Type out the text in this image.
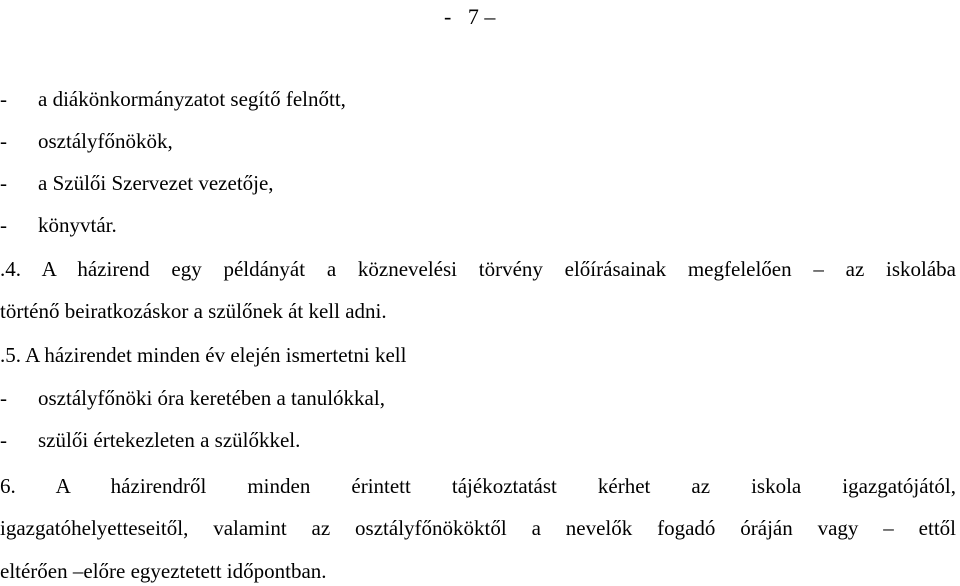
-   7 –
- a diákönkormányzatot segítő felnőtt,
- osztályfőnökök,
- a Szülői Szervezet vezetője,
- könyvtár.
.4. A házirend egy példányát a köznevelési törvény előírásainak megfelelően – az iskolába
történő beiratkozáskor a szülőnek át kell adni.
.5. A házirendet minden év elején ismertetni kell
- osztályfőnöki óra keretében a tanulókkal,
- szülői értekezleten a szülőkkel.
6. A házirendről minden érintett tájékoztatást kérhet az iskola igazgatójától,
igazgatóhelyetteseitől, valamint az osztályfőnököktől a nevelők fogadó óráján vagy – ettől
eltérően –előre egyeztetett időpontban.
